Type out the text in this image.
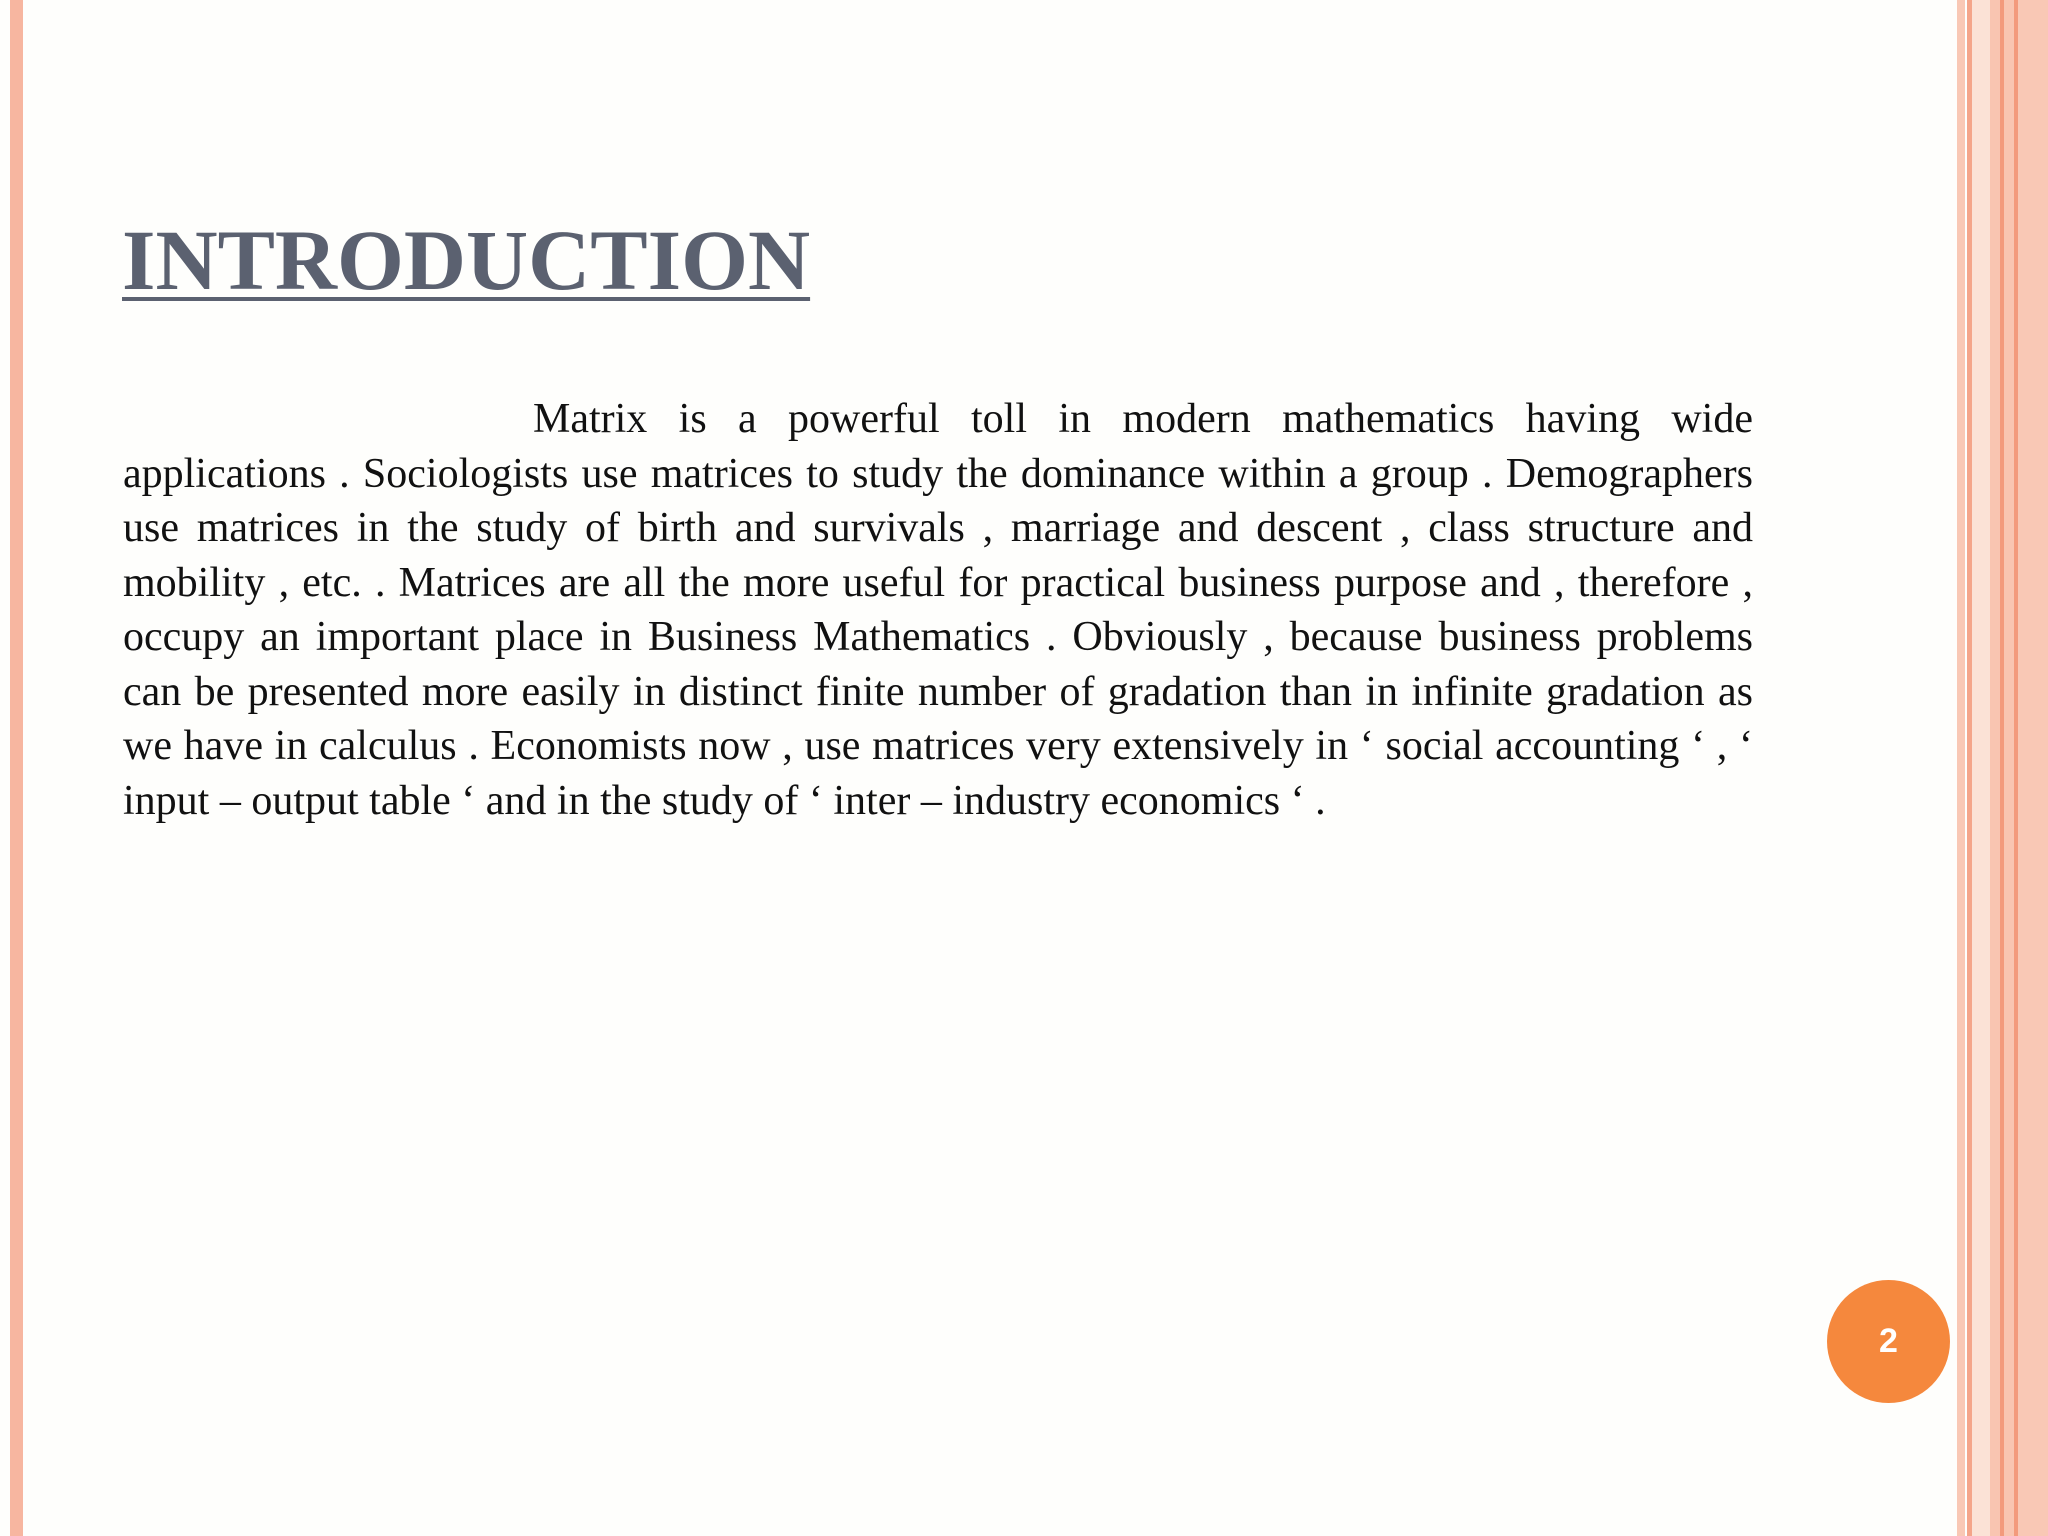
INTRODUCTION

Matrix is a powerful toll in modern mathematics having wide applications . Sociologists use matrices to study the dominance within a group . Demographers use matrices in the study of birth and survivals , marriage and descent , class structure and mobility , etc. . Matrices are all the more useful for practical business purpose and , therefore , occupy an important place in Business Mathematics . Obviously , because business problems can be presented more easily in distinct finite number of gradation than in infinite gradation as we have in calculus . Economists now , use matrices very extensively in ‘ social accounting ‘ , ‘ input – output table ‘ and in the study of ‘ inter – industry economics ‘ .

2
